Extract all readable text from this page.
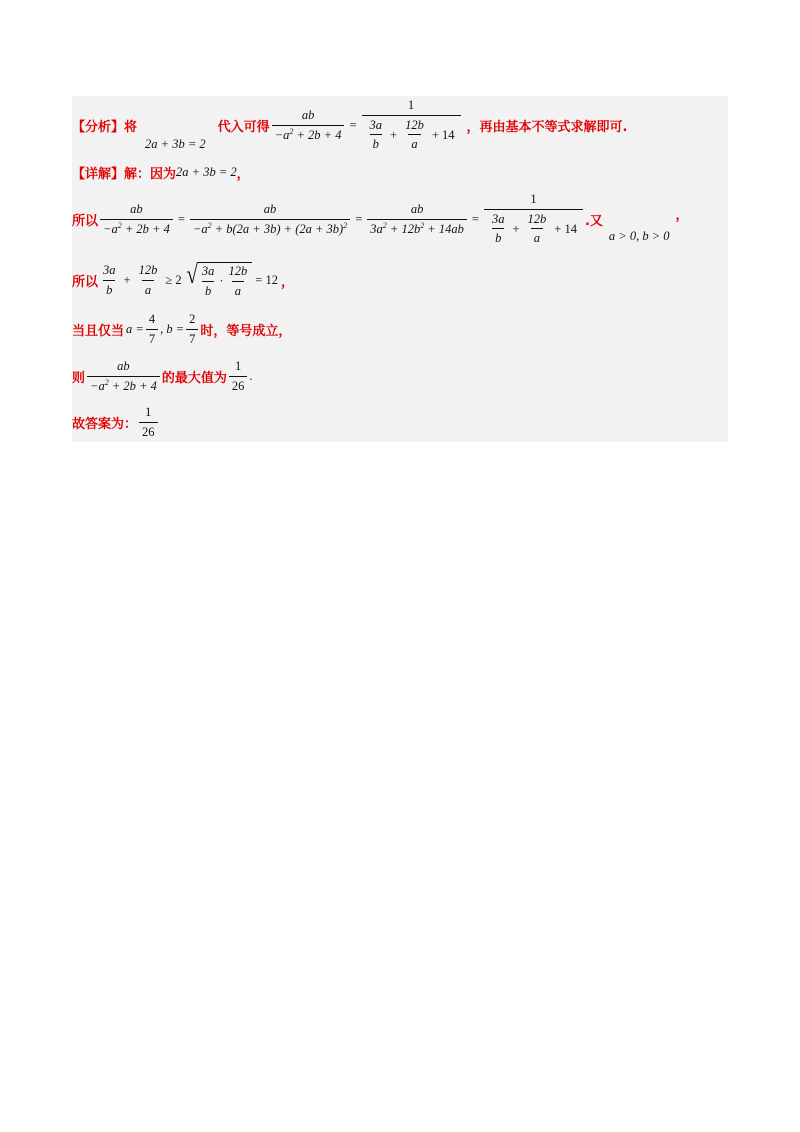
【分析】将
2a + 3b = 2
代入可得 $\frac{ab}{-a^2 + 2b + 4} = \frac{1}{\frac{3a}{b} + \frac{12b}{a} + 14}$ ，再由基本不等式求解即可.
【详解】解：因为 2a + 3b = 2 ，
所以 $\frac{ab}{-a^2 + 2b + 4} = \frac{ab}{-a^2 + b(2a + 3b) + (2a + 3b)^2} = \frac{ab}{3a^2 + 12b^2 + 14ab} = \frac{1}{\frac{3a}{b} + \frac{12b}{a} + 14}$ .又
a > 0, b > 0
，
所以 $\frac{3a}{b} + \frac{12b}{a} \ge 2$ √ $\frac{3a}{b} \cdot \frac{12b}{a} = 12$ ，
当且仅当 $a = \frac{4}{7}$ , $b = \frac{2}{7}$ 时，等号成立，
则 $\frac{ab}{-a^2 + 2b + 4}$ 的最大值为 $\frac{1}{26}$ .
故答案为： $\frac{1}{26}$
